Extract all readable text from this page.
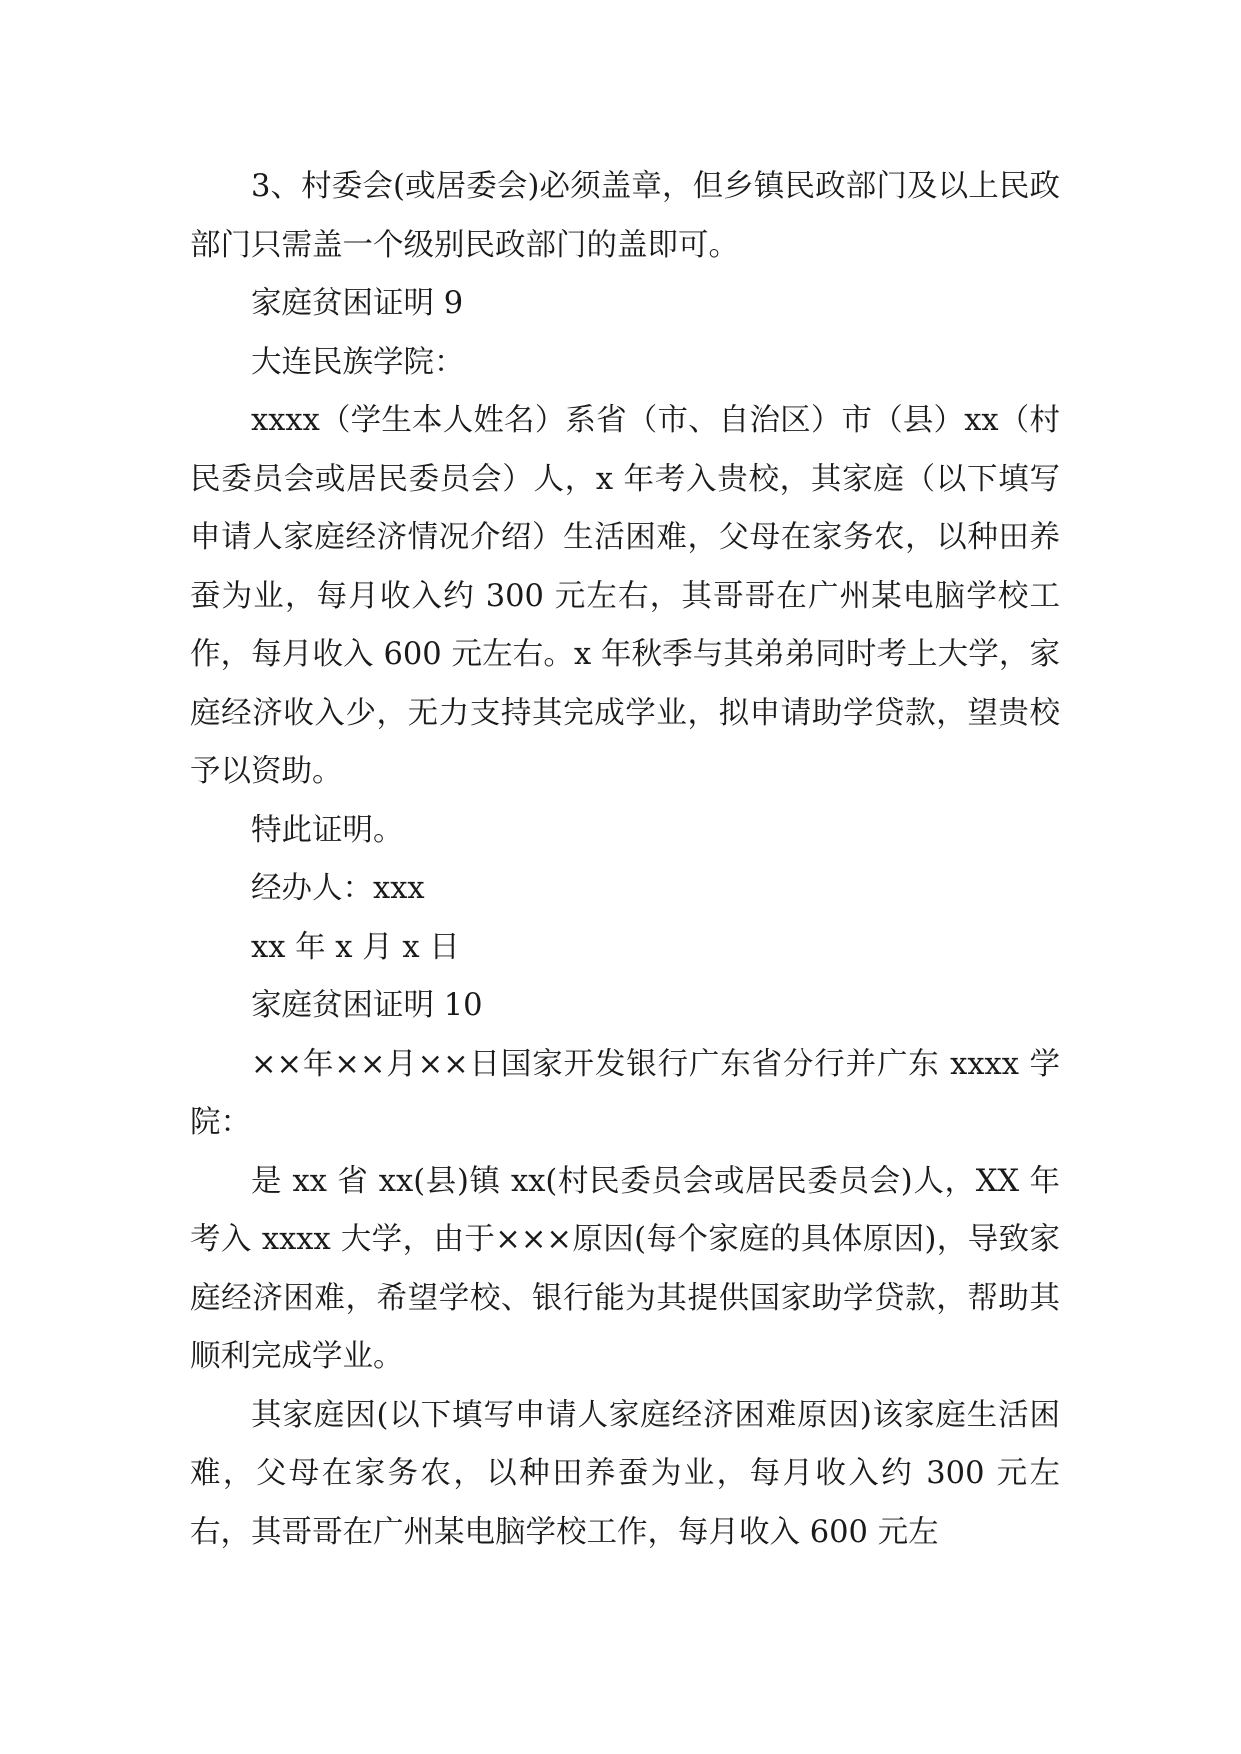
3、村委会(或居委会)必须盖章，但乡镇民政部门及以上民政部门只需盖一个级别民政部门的盖即可。

家庭贫困证明 9

大连民族学院：

xxxx（学生本人姓名）系省（市、自治区）市（县）xx（村民委员会或居民委员会）人，x 年考入贵校，其家庭（以下填写申请人家庭经济情况介绍）生活困难，父母在家务农，以种田养蚕为业，每月收入约 300 元左右，其哥哥在广州某电脑学校工作，每月收入 600 元左右。x 年秋季与其弟弟同时考上大学，家庭经济收入少，无力支持其完成学业，拟申请助学贷款，望贵校予以资助。

特此证明。

经办人：xxx

xx 年 x 月 x 日

家庭贫困证明 10

××年××月××日国家开发银行广东省分行并广东 xxxx 学院：

是 xx 省 xx(县)镇 xx(村民委员会或居民委员会)人，XX 年考入 xxxx 大学，由于×××原因(每个家庭的具体原因)，导致家庭经济困难，希望学校、银行能为其提供国家助学贷款，帮助其顺利完成学业。

其家庭因(以下填写申请人家庭经济困难原因)该家庭生活困难，父母在家务农，以种田养蚕为业，每月收入约 300 元左右，其哥哥在广州某电脑学校工作，每月收入 600 元左
